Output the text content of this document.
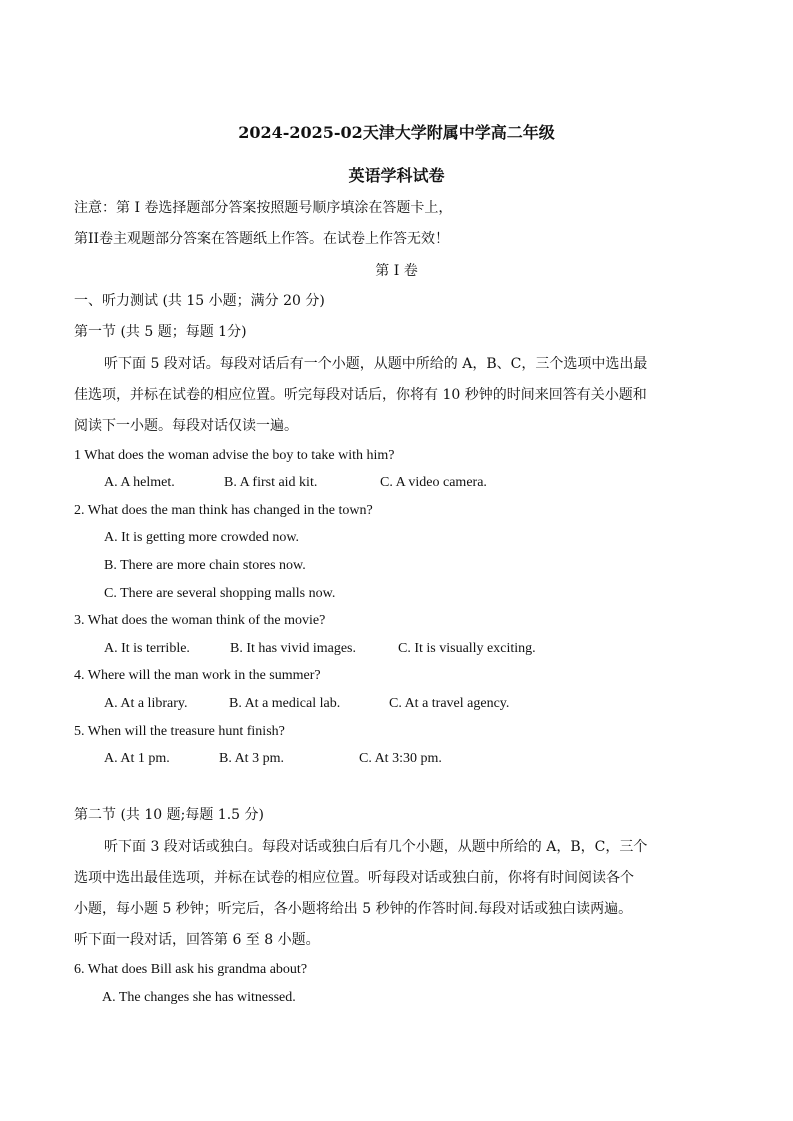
2024-2025-02天津大学附属中学高二年级
英语学科试卷
注意：第 I 卷选择题部分答案按照题号顺序填涂在答题卡上，
第II卷主观题部分答案在答题纸上作答。在试卷上作答无效！
第 I 卷
一、听力测试 (共 15 小题；满分 20 分)
第一节 (共 5 题；每题 1分)
听下面 5 段对话。每段对话后有一个小题，从题中所给的 A，B、C，三个选项中选出最
佳选项，并标在试卷的相应位置。听完每段对话后，你将有 10 秒钟的时间来回答有关小题和
阅读下一小题。每段对话仅读一遍。
1 What does the woman advise the boy to take with him?
A. A helmet.	B. A first aid kit.	C. A video camera.
2. What does the man think has changed in the town?
A. It is getting more crowded now.
B. There are more chain stores now.
C. There are several shopping malls now.
3. What does the woman think of the movie?
A. It is terrible.	B. It has vivid images.	C. It is visually exciting.
4. Where will the man work in the summer?
A. At a library.	B. At a medical lab.	C. At a travel agency.
5. When will the treasure hunt finish?
A. At 1 pm.	B. At 3 pm.	C. At 3:30 pm.
第二节 (共 10 题;每题 1.5 分)
听下面 3 段对话或独白。每段对话或独白后有几个小题，从题中所给的 A，B，C，三个
选项中选出最佳选项，并标在试卷的相应位置。听每段对话或独白前，你将有时间阅读各个
小题，每小题 5 秒钟；听完后，各小题将给出 5 秒钟的作答时间.每段对话或独白读两遍。
听下面一段对话，回答第 6 至 8 小题。
6. What does Bill ask his grandma about?
A. The changes she has witnessed.
